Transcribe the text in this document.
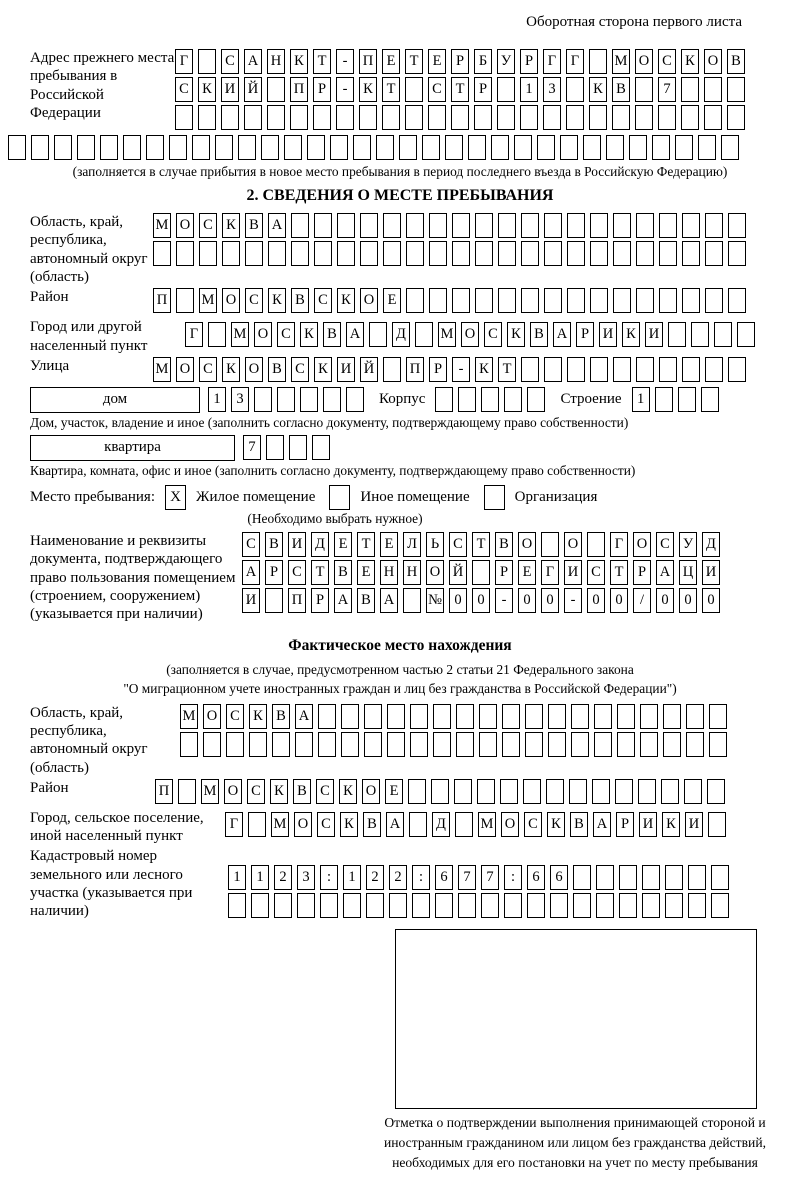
Оборотная сторона первого листа
Адрес прежнего места пребывания в Российской Федерации
Г	С А Н К Т	-	П Е Т Е	Р	Б У Р	Г	Г	М О С К О В
С К И Й П Р	-	К Т	С Т	Р	1	3	К В	7
(заполняется в случае прибытия в новое место пребывания в период последнего въезда в Российскую Федерацию)
2. СВЕДЕНИЯ О МЕСТЕ ПРЕБЫВАНИЯ
Область, край, республика, автономный округ (область)
М О С К В А
Район	П М О С К В С К О Е
Город или другой населенный пункт
Г	М О С К В А Д М О С К В А Р И К И
Улица	М О С К О В С К И Й П Р	-	К Т
дом	1	3	Корпус	Строение	1
Дом, участок, владение и иное (заполнить согласно документу, подтверждающему право собственности)
квартира	7
Квартира, комната, офис и иное (заполнить согласно документу, подтверждающему право собственности)
Место пребывания:	X	Жилое помещение	Иное помещение	Организация
(Необходимо выбрать нужное)
Наименование и реквизиты документа, подтверждающего право пользования помещением (строением, сооружением) (указывается при наличии)
С В И Д Е Т Е Л Ь С Т В О О	Г О С У Д
А Р С Т В Е Н Н О Й	Р	Е Г И С Т	Р А Ц И
И П Р А В А № 0	0	-	0	0	-	0	0	/	0	0	0
Фактическое место нахождения
(заполняется в случае, предусмотренном частью 2 статьи 21 Федерального закона
"О миграционном учете иностранных граждан и лиц без гражданства в Российской Федерации")
Область, край, республика, автономный округ (область)
М О С К В А
Район	П М О С К В С К О Е
Город, сельское поселение, иной населенный пункт
Г	М О С К В А Д М О С К В А Р И К И
Кадастровый номер земельного или лесного участка (указывается при наличии)
1	1	2	3	:	1	2	2	:	6	7	7	:	6	6
Отметка о подтверждении выполнения принимающей стороной и иностранным гражданином или лицом без гражданства действий, необходимых для его постановки на учет по месту пребывания
